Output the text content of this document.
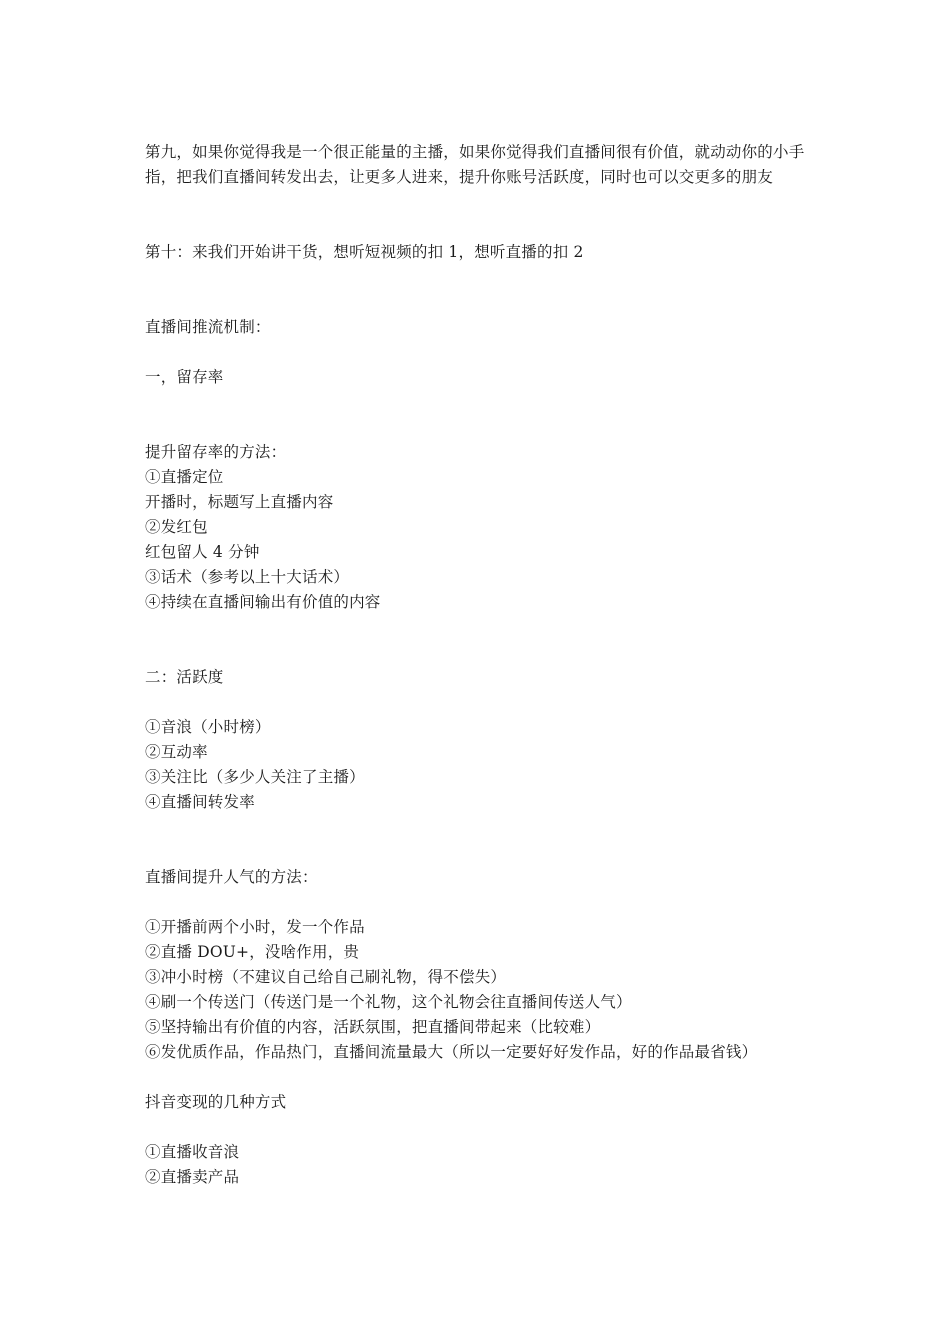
第九，如果你觉得我是一个很正能量的主播，如果你觉得我们直播间很有价值，就动动你的小手指，把我们直播间转发出去，让更多人进来，提升你账号活跃度，同时也可以交更多的朋友

第十：来我们开始讲干货，想听短视频的扣 1，想听直播的扣 2

直播间推流机制：

一，留存率

提升留存率的方法：

①直播定位

开播时，标题写上直播内容

②发红包

红包留人 4 分钟

③话术（参考以上十大话术）

④持续在直播间输出有价值的内容

二：活跃度

①音浪（小时榜）

②互动率

③关注比（多少人关注了主播）

④直播间转发率

直播间提升人气的方法：

①开播前两个小时，发一个作品

②直播 DOU+，没啥作用，贵

③冲小时榜（不建议自己给自己刷礼物，得不偿失）

④刷一个传送门（传送门是一个礼物，这个礼物会往直播间传送人气）

⑤坚持输出有价值的内容，活跃氛围，把直播间带起来（比较难）

⑥发优质作品，作品热门，直播间流量最大（所以一定要好好发作品，好的作品最省钱）

抖音变现的几种方式

①直播收音浪

②直播卖产品
